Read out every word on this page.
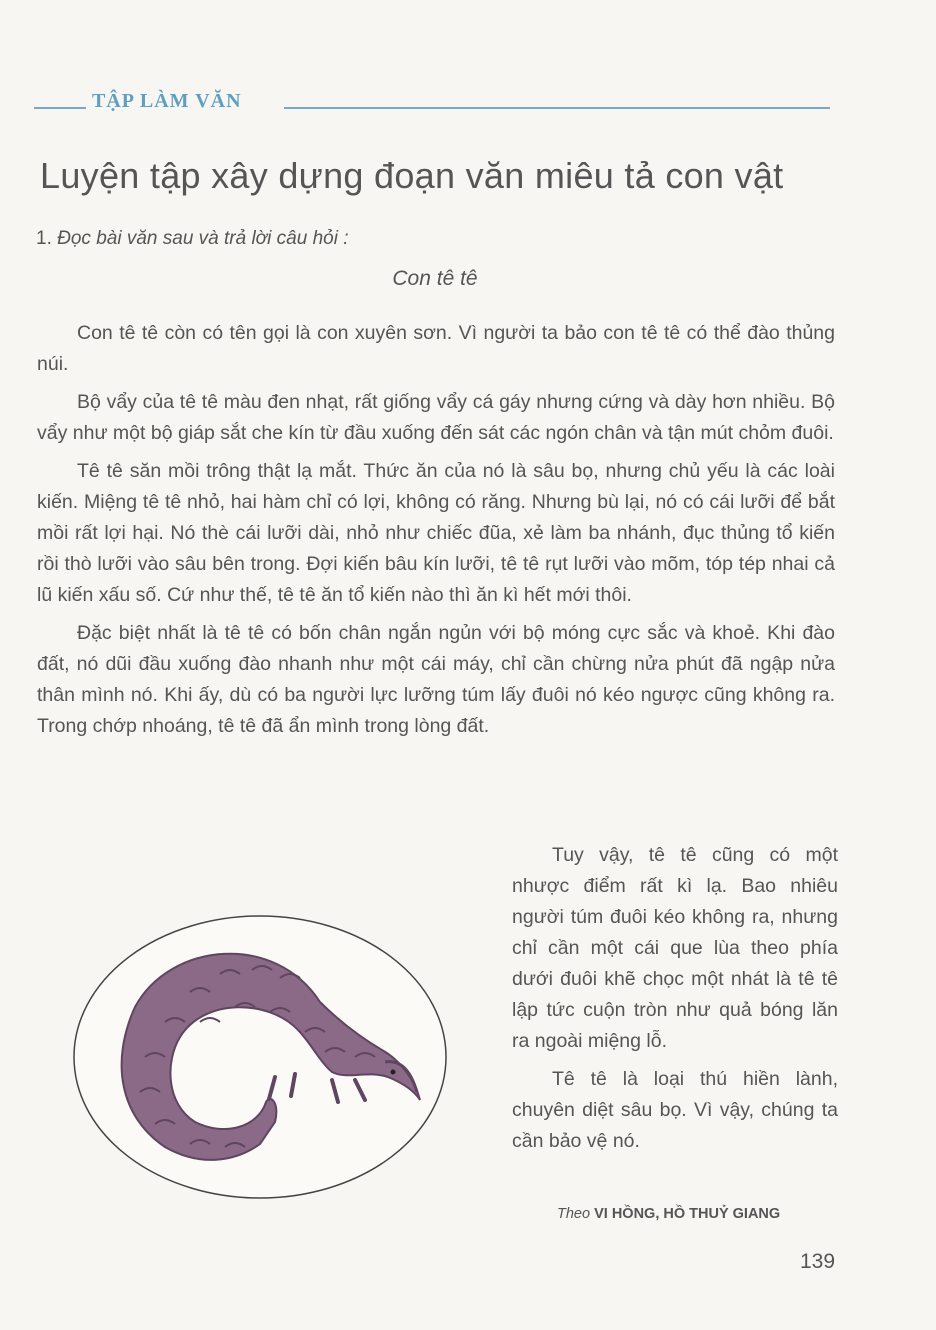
TẬP LÀM VĂN
Luyện tập xây dựng đoạn văn miêu tả con vật
1. Đọc bài văn sau và trả lời câu hỏi :
Con tê tê

Con tê tê còn có tên gọi là con xuyên sơn. Vì người ta bảo con tê tê có thể đào thủng núi.

Bộ vẩy của tê tê màu đen nhạt, rất giống vẩy cá gáy nhưng cứng và dày hơn nhiều. Bộ vẩy như một bộ giáp sắt che kín từ đầu xuống đến sát các ngón chân và tận mút chỏm đuôi.

Tê tê săn mồi trông thật lạ mắt. Thức ăn của nó là sâu bọ, nhưng chủ yếu là các loài kiến. Miệng tê tê nhỏ, hai hàm chỉ có lợi, không có răng. Nhưng bù lại, nó có cái lưỡi để bắt mồi rất lợi hại. Nó thè cái lưỡi dài, nhỏ như chiếc đũa, xẻ làm ba nhánh, đục thủng tổ kiến rồi thò lưỡi vào sâu bên trong. Đợi kiến bâu kín lưỡi, tê tê rụt lưỡi vào mõm, tóp tép nhai cả lũ kiến xấu số. Cứ như thế, tê tê ăn tổ kiến nào thì ăn kì hết mới thôi.

Đặc biệt nhất là tê tê có bốn chân ngắn ngủn với bộ móng cực sắc và khoẻ. Khi đào đất, nó dũi đầu xuống đào nhanh như một cái máy, chỉ cần chừng nửa phút đã ngập nửa thân mình nó. Khi ấy, dù có ba người lực lưỡng túm lấy đuôi nó kéo ngược cũng không ra. Trong chớp nhoáng, tê tê đã ẩn mình trong lòng đất.

Tuy vậy, tê tê cũng có một nhược điểm rất kì lạ. Bao nhiêu người túm đuôi kéo không ra, nhưng chỉ cần một cái que lùa theo phía dưới đuôi khẽ chọc một nhát là tê tê lập tức cuộn tròn như quả bóng lăn ra ngoài miệng lỗ.

Tê tê là loại thú hiền lành, chuyên diệt sâu bọ. Vì vậy, chúng ta cần bảo vệ nó.

Theo VI HỒNG, HỒ THUỶ GIANG
139
